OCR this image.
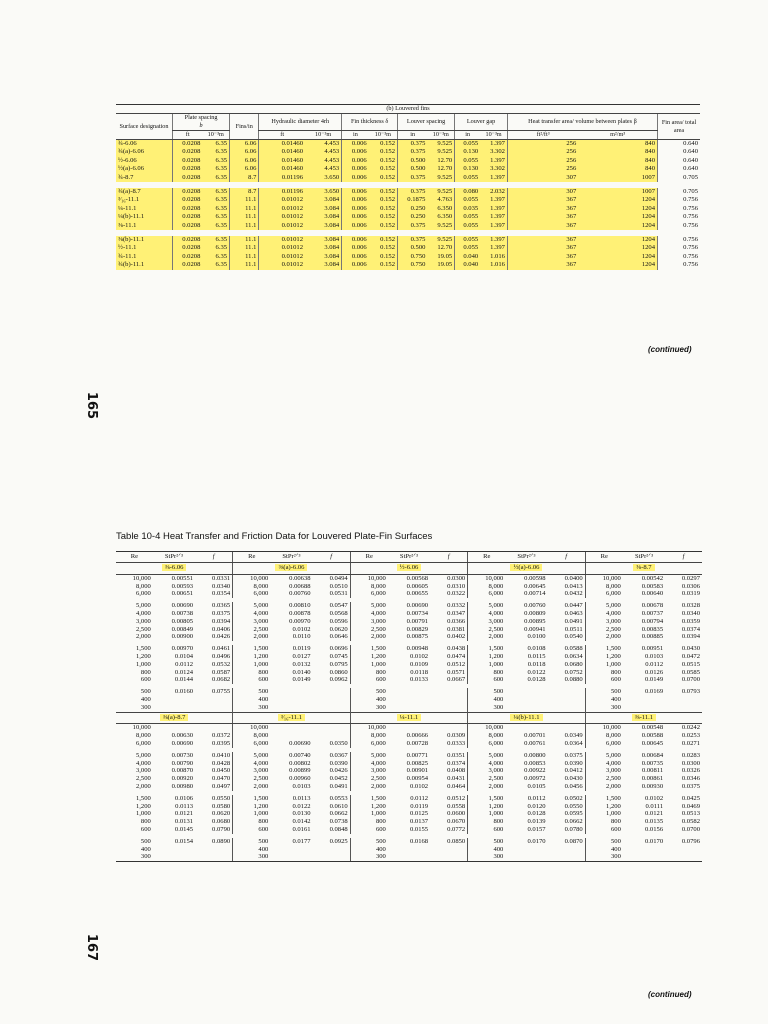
(b) Louvered fins														
Surface designation	Plate spacing
b		Fins/in	Hydraulic diameter 4rh		Fin thickness δ		Louver spacing		Louver gap		Heat transfer area/ volume between plates β		Fin area/ total area
	ft	10⁻³m		ft	10⁻³m	in	10⁻³m	in	10⁻³m	in	10⁻³m	ft²/ft³	m²/m³	
¾-6.06	0.0208	6.35	6.06	0.01460	4.453	0.006	0.152	0.375	9.525	0.055	1.397	256	840	0.640
¾(a)-6.06	0.0208	6.35	6.06	0.01460	4.453	0.006	0.152	0.375	9.525	0.130	3.302	256	840	0.640
½-6.06	0.0208	6.35	6.06	0.01460	4.453	0.006	0.152	0.500	12.70	0.055	1.397	256	840	0.640
½(a)-6.06	0.0208	6.35	6.06	0.01460	4.453	0.006	0.152	0.500	12.70	0.130	3.302	256	840	0.640
¾-8.7	0.0208	6.35	8.7	0.01196	3.650	0.006	0.152	0.375	9.525	0.055	1.397	307	1007	0.705

¾(a)-8.7	0.0208	6.35	8.7	0.01196	3.650	0.006	0.152	0.375	9.525	0.080	2.032	307	1007	0.705
³⁄₁₆-11.1	0.0208	6.35	11.1	0.01012	3.084	0.006	0.152	0.1875	4.763	0.055	1.397	367	1204	0.756
¼-11.1	0.0208	6.35	11.1	0.01012	3.084	0.006	0.152	0.250	6.350	0.035	1.397	367	1204	0.756
¼(b)-11.1	0.0208	6.35	11.1	0.01012	3.084	0.006	0.152	0.250	6.350	0.055	1.397	367	1204	0.756
⅜-11.1	0.0208	6.35	11.1	0.01012	3.084	0.006	0.152	0.375	9.525	0.055	1.397	367	1204	0.756

⅜(b)-11.1	0.0208	6.35	11.1	0.01012	3.084	0.006	0.152	0.375	9.525	0.055	1.397	367	1204	0.756
½-11.1	0.0208	6.35	11.1	0.01012	3.084	0.006	0.152	0.500	12.70	0.055	1.397	367	1204	0.756
¾-11.1	0.0208	6.35	11.1	0.01012	3.084	0.006	0.152	0.750	19.05	0.040	1.016	367	1204	0.756
¾(b)-11.1	0.0208	6.35	11.1	0.01012	3.084	0.006	0.152	0.750	19.05	0.040	1.016	367	1204	0.756
(continued)
165
167
Table 10-4 Heat Transfer and Friction Data for Louvered Plate-Fin Surfaces
Re	StPr²ᐟ³	f	Re	StPr²ᐟ³	f	Re	StPr²ᐟ³	f	Re	StPr²ᐟ³	f	Re	StPr²ᐟ³	f
⅜-6.06			⅜(a)-6.06			½-6.06			½(a)-6.06			⅜-8.7		
10,000	0.00551	0.0331	10,000	0.00638	0.0494	10,000	0.00568	0.0300	10,000	0.00598	0.0400	10,000	0.00542	0.0297
8,000	0.00593	0.0340	8,000	0.00688	0.0510	8,000	0.00605	0.0310	8,000	0.00645	0.0413	8,000	0.00583	0.0306
6,000	0.00651	0.0354	6,000	0.00760	0.0531	6,000	0.00655	0.0322	6,000	0.00714	0.0432	6,000	0.00640	0.0319

5,000	0.00690	0.0365	5,000	0.00810	0.0547	5,000	0.00690	0.0332	5,000	0.00760	0.0447	5,000	0.00678	0.0328
4,000	0.00738	0.0375	4,000	0.00878	0.0568	4,000	0.00734	0.0347	4,000	0.00809	0.0463	4,000	0.00737	0.0340
3,000	0.00805	0.0394	3,000	0.00970	0.0596	3,000	0.00791	0.0366	3,000	0.00895	0.0491	3,000	0.00794	0.0359
2,500	0.00849	0.0406	2,500	0.0102	0.0620	2,500	0.00829	0.0381	2,500	0.00941	0.0511	2,500	0.00835	0.0374
2,000	0.00900	0.0426	2,000	0.0110	0.0646	2,000	0.00875	0.0402	2,000	0.0100	0.0540	2,000	0.00885	0.0394

1,500	0.00970	0.0461	1,500	0.0119	0.0696	1,500	0.00948	0.0438	1,500	0.0108	0.0588	1,500	0.00951	0.0430
1,200	0.0104	0.0496	1,200	0.0127	0.0745	1,200	0.0102	0.0474	1,200	0.0115	0.0634	1,200	0.0103	0.0472
1,000	0.0112	0.0532	1,000	0.0132	0.0795	1,000	0.0109	0.0512	1,000	0.0118	0.0680	1,000	0.0112	0.0515
800	0.0124	0.0587	800	0.0140	0.0860	800	0.0118	0.0571	800	0.0122	0.0752	800	0.0126	0.0585
600	0.0144	0.0682	600	0.0149	0.0962	600	0.0133	0.0667	600	0.0128	0.0880	600	0.0149	0.0700

500	0.0160	0.0755	500			500			500			500	0.0169	0.0793
400			400			400			400			400		
300			300			300			300			300		
⅜(a)-8.7			³⁄₁₆-11.1			¼-11.1			¼(b)-11.1			⅜-11.1		
10,000			10,000			10,000			10,000			10,000	0.00548	0.0242
8,000	0.00630	0.0372	8,000			8,000	0.00666	0.0309	8,000	0.00701	0.0349	8,000	0.00588	0.0253
6,000	0.00690	0.0395	6,000	0.00690	0.0350	6,000	0.00728	0.0333	6,000	0.00761	0.0364	6,000	0.00645	0.0271

5,000	0.00730	0.0410	5,000	0.00740	0.0367	5,000	0.00771	0.0351	5,000	0.00800	0.0375	5,000	0.00684	0.0283
4,000	0.00790	0.0428	4,000	0.00802	0.0390	4,000	0.00825	0.0374	4,000	0.00853	0.0390	4,000	0.00735	0.0300
3,000	0.00870	0.0450	3,000	0.00899	0.0426	3,000	0.00901	0.0408	3,000	0.00922	0.0412	3,000	0.00811	0.0326
2,500	0.00920	0.0470	2,500	0.00960	0.0452	2,500	0.00954	0.0431	2,500	0.00972	0.0430	2,500	0.00861	0.0346
2,000	0.00980	0.0497	2,000	0.0103	0.0491	2,000	0.0102	0.0464	2,000	0.0105	0.0456	2,000	0.00930	0.0375

1,500	0.0106	0.0550	1,500	0.0113	0.0553	1,500	0.0112	0.0512	1,500	0.0112	0.0502	1,500	0.0102	0.0425
1,200	0.0113	0.0580	1,200	0.0122	0.0610	1,200	0.0119	0.0558	1,200	0.0120	0.0550	1,200	0.0111	0.0469
1,000	0.0121	0.0620	1,000	0.0130	0.0662	1,000	0.0125	0.0600	1,000	0.0128	0.0595	1,000	0.0121	0.0513
800	0.0131	0.0680	800	0.0142	0.0738	800	0.0137	0.0670	800	0.0139	0.0662	800	0.0135	0.0582
600	0.0145	0.0790	600	0.0161	0.0848	600	0.0155	0.0772	600	0.0157	0.0780	600	0.0156	0.0700

500	0.0154	0.0890	500	0.0177	0.0925	500	0.0168	0.0850	500	0.0170	0.0870	500	0.0170	0.0796
400			400			400			400			400		
300			300			300			300			300		
(continued)
